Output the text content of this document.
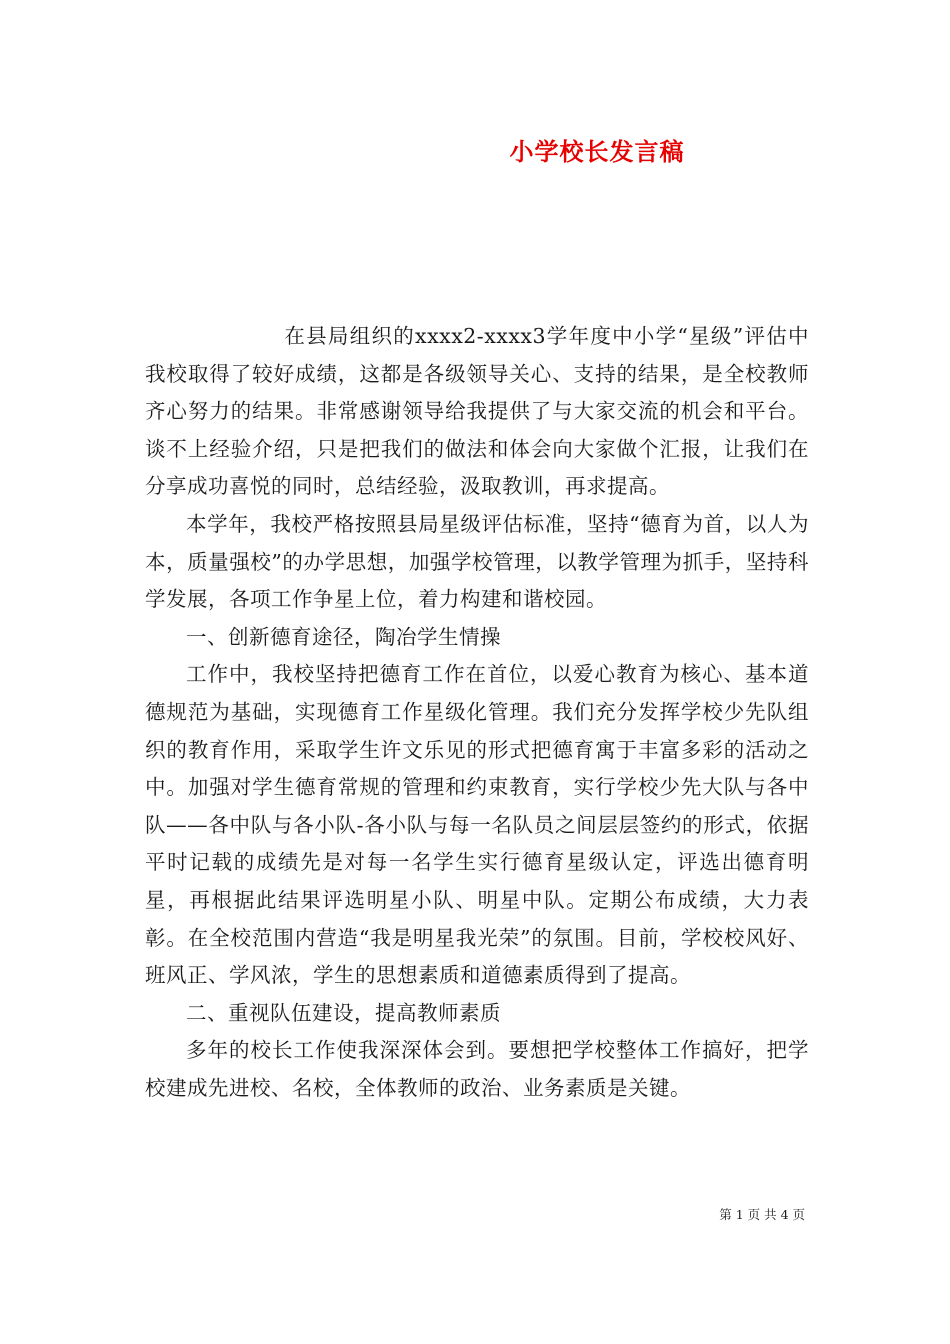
小学校长发言稿

在县局组织的xxxx2-xxxx3学年度中小学“星级”评估中我校取得了较好成绩，这都是各级领导关心、支持的结果，是全校教师齐心努力的结果。非常感谢领导给我提供了与大家交流的机会和平台。谈不上经验介绍，只是把我们的做法和体会向大家做个汇报，让我们在分享成功喜悦的同时，总结经验，汲取教训，再求提高。

本学年，我校严格按照县局星级评估标准，坚持“德育为首，以人为本，质量强校”的办学思想，加强学校管理，以教学管理为抓手，坚持科学发展，各项工作争星上位，着力构建和谐校园。

一、创新德育途径，陶冶学生情操

工作中，我校坚持把德育工作在首位，以爱心教育为核心、基本道德规范为基础，实现德育工作星级化管理。我们充分发挥学校少先队组织的教育作用，采取学生许文乐见的形式把德育寓于丰富多彩的活动之中。加强对学生德育常规的管理和约束教育，实行学校少先大队与各中队——各中队与各小队-各小队与每一名队员之间层层签约的形式，依据平时记载的成绩先是对每一名学生实行德育星级认定，评选出德育明星，再根据此结果评选明星小队、明星中队。定期公布成绩，大力表彰。在全校范围内营造“我是明星我光荣”的氛围。目前，学校校风好、班风正、学风浓，学生的思想素质和道德素质得到了提高。

二、重视队伍建设，提高教师素质

多年的校长工作使我深深体会到。要想把学校整体工作搞好，把学校建成先进校、名校，全体教师的政治、业务素质是关键。

第 1 页 共 4 页
